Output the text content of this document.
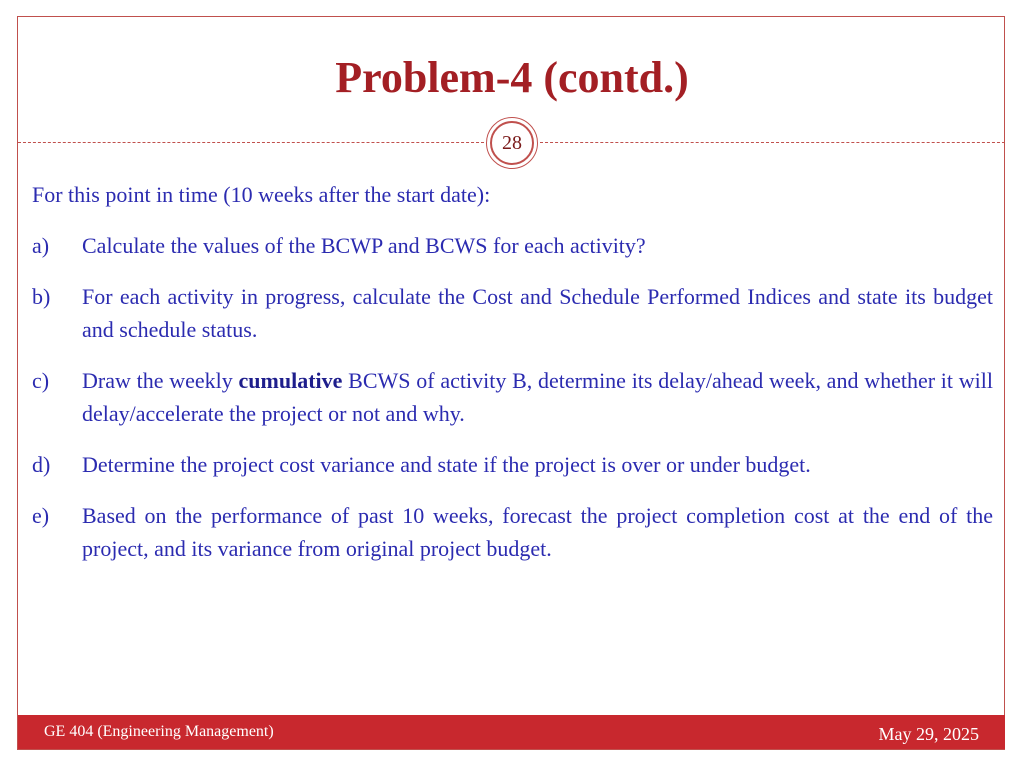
Problem-4 (contd.)
28

For this point in time (10 weeks after the start date):

a)	Calculate the values of the BCWP and BCWS for each activity?
b)	For each activity in progress, calculate the Cost and Schedule Performed Indices and state its budget and schedule status.
c)	Draw the weekly cumulative BCWS of activity B, determine its delay/ahead week, and whether it will delay/accelerate the project or not and why.
d)	Determine the project cost variance and state if the project is over or under budget.
e)	Based on the performance of past 10 weeks, forecast the project completion cost at the end of the project, and its variance from original project budget.
GE 404 (Engineering Management)	May 29, 2025
